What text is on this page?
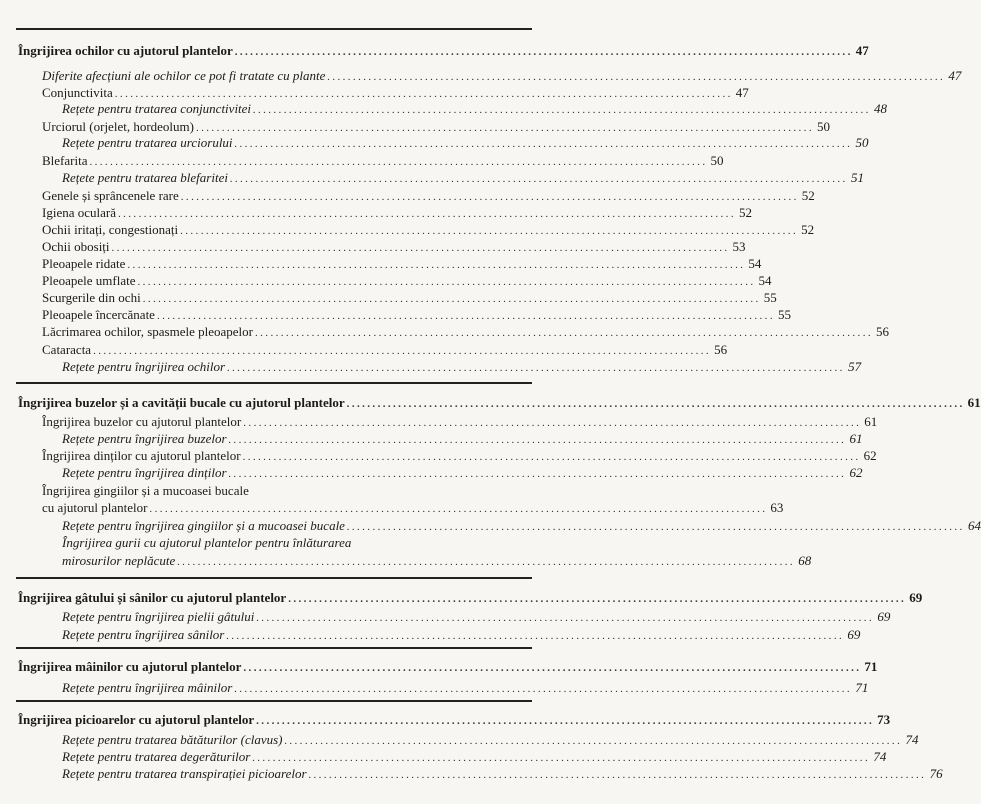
Îngrijirea ochilor cu ajutorul plantelor ........................................................................................................................ 47
Diferite afecțiuni ale ochilor ce pot fi tratate cu plante ........................................................................................................................ 47
Conjunctivita ........................................................................................................................ 47
Rețete pentru tratarea conjunctivitei ........................................................................................................................ 48
Urciorul (orjelet, hordeolum) ........................................................................................................................ 50
Rețete pentru tratarea urciorului ........................................................................................................................ 50
Blefarita ........................................................................................................................ 50
Rețete pentru tratarea blefaritei ........................................................................................................................ 51
Genele și sprâncenele rare ........................................................................................................................ 52
Igiena oculară ........................................................................................................................ 52
Ochii iritați, congestionați ........................................................................................................................ 52
Ochii obosiți ........................................................................................................................ 53
Pleoapele ridate ........................................................................................................................ 54
Pleoapele umflate ........................................................................................................................ 54
Scurgerile din ochi ........................................................................................................................ 55
Pleoapele încercănate ........................................................................................................................ 55
Lăcrimarea ochilor, spasmele pleoapelor ........................................................................................................................ 56
Cataracta ........................................................................................................................ 56
Rețete pentru îngrijirea ochilor ........................................................................................................................ 57
Îngrijirea buzelor și a cavității bucale cu ajutorul plantelor ........................................................................................................................ 61
Îngrijirea buzelor cu ajutorul plantelor ........................................................................................................................ 61
Rețete pentru îngrijirea buzelor ........................................................................................................................ 61
Îngrijirea dinților cu ajutorul plantelor ........................................................................................................................ 62
Rețete pentru îngrijirea dinților ........................................................................................................................ 62
Îngrijirea gingiilor și a mucoasei bucale
cu ajutorul plantelor ........................................................................................................................ 63
Rețete pentru îngrijirea gingiilor și a mucoasei bucale ........................................................................................................................ 64
Îngrijirea gurii cu ajutorul plantelor pentru înlăturarea
mirosurilor neplăcute ........................................................................................................................ 68
Îngrijirea gâtului și sânilor cu ajutorul plantelor ........................................................................................................................ 69
Rețete pentru îngrijirea pielii gâtului ........................................................................................................................ 69
Rețete pentru îngrijirea sânilor ........................................................................................................................ 69
Îngrijirea mâinilor cu ajutorul plantelor ........................................................................................................................ 71
Rețete pentru îngrijirea mâinilor ........................................................................................................................ 71
Îngrijirea picioarelor cu ajutorul plantelor ........................................................................................................................ 73
Rețete pentru tratarea bătăturilor (clavus) ........................................................................................................................ 74
Rețete pentru tratarea degerăturilor ........................................................................................................................ 74
Rețete pentru tratarea transpirației picioarelor ........................................................................................................................ 76
